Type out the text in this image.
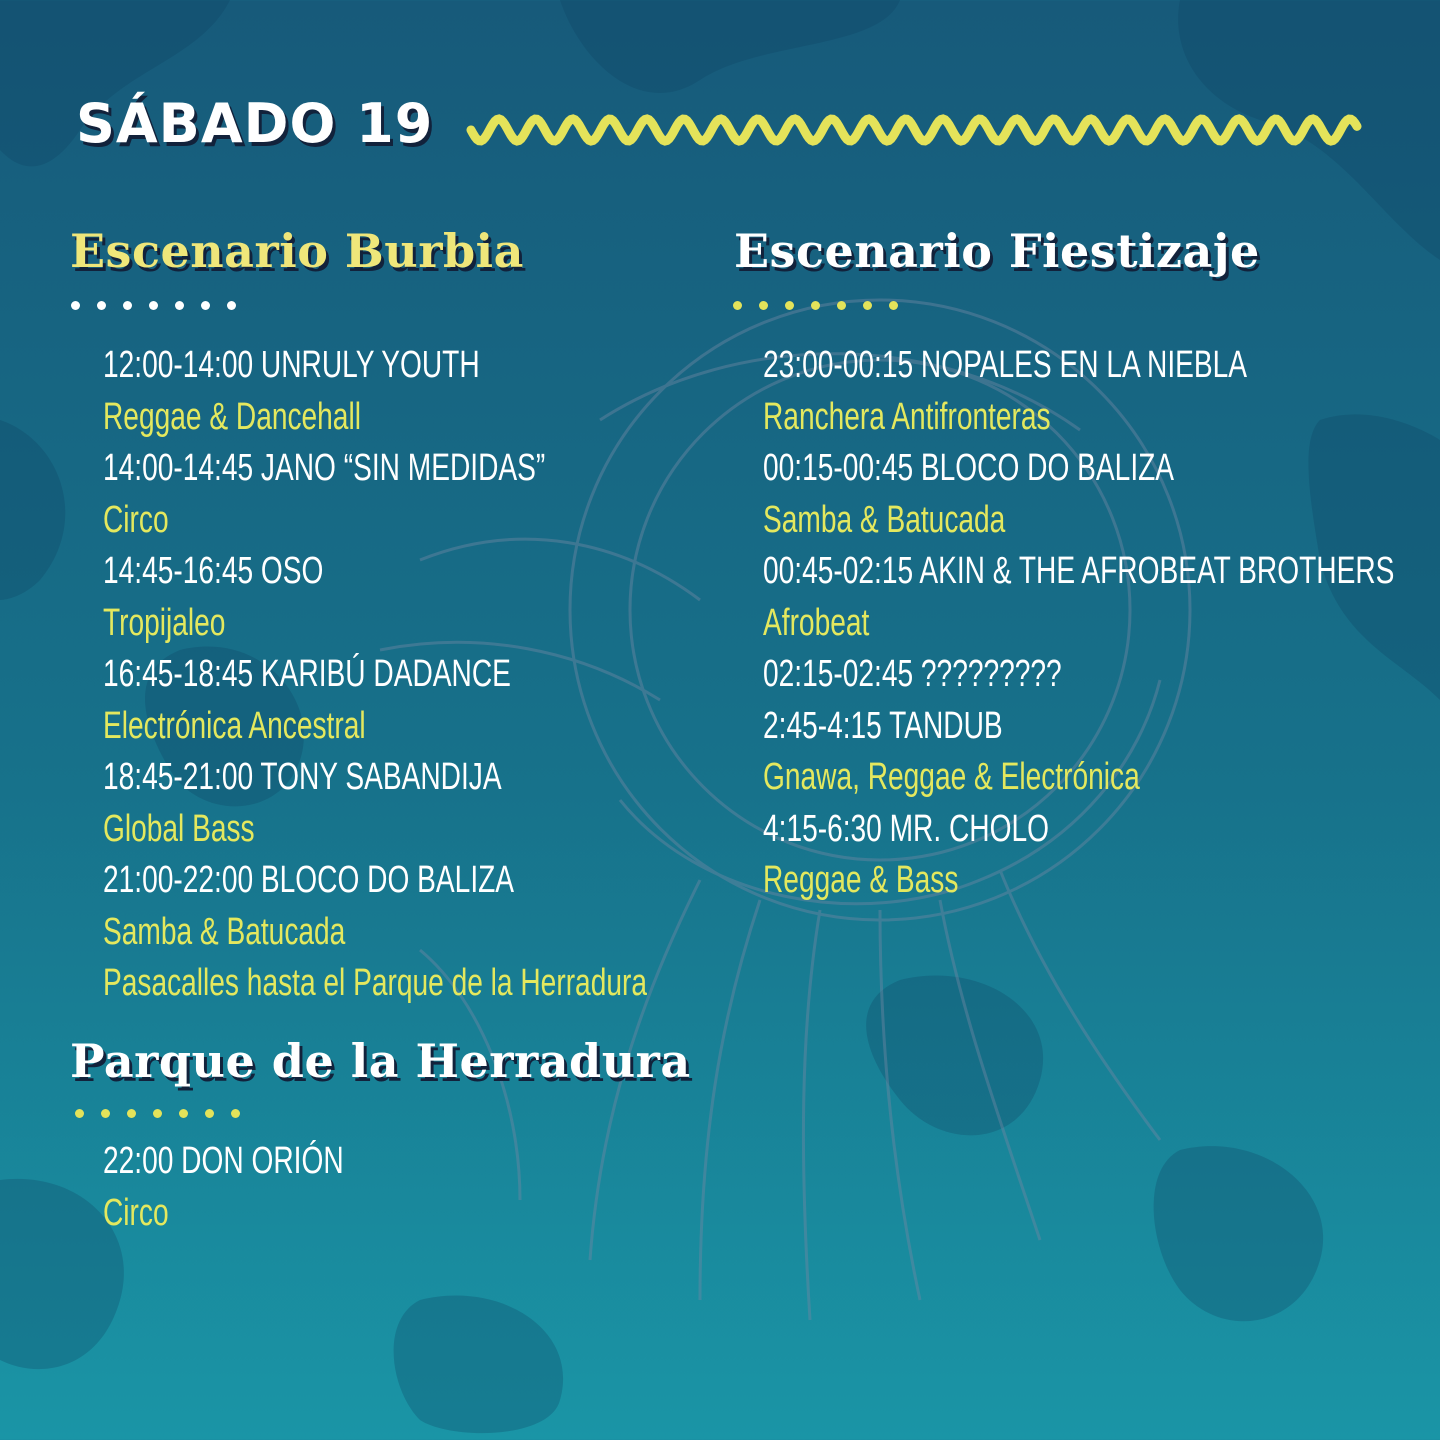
SÁBADO 19
Escenario Burbia
12:00-14:00 UNRULY YOUTH
Reggae & Dancehall
14:00-14:45 JANO “SIN MEDIDAS”
Circo
14:45-16:45 OSO
Tropijaleo
16:45-18:45 KARIBÚ DADANCE
Electrónica Ancestral
18:45-21:00 TONY SABANDIJA
Global Bass
21:00-22:00 BLOCO DO BALIZA
Samba & Batucada
Pasacalles hasta el Parque de la Herradura
Escenario Fiestizaje
23:00-00:15 NOPALES EN LA NIEBLA
Ranchera Antifronteras
00:15-00:45 BLOCO DO BALIZA
Samba & Batucada
00:45-02:15 AKIN & THE AFROBEAT BROTHERS
Afrobeat
02:15-02:45 ?????????
2:45-4:15 TANDUB
Gnawa, Reggae & Electrónica
4:15-6:30 MR. CHOLO
Reggae & Bass
Parque de la Herradura
22:00 DON ORIÓN
Circo
